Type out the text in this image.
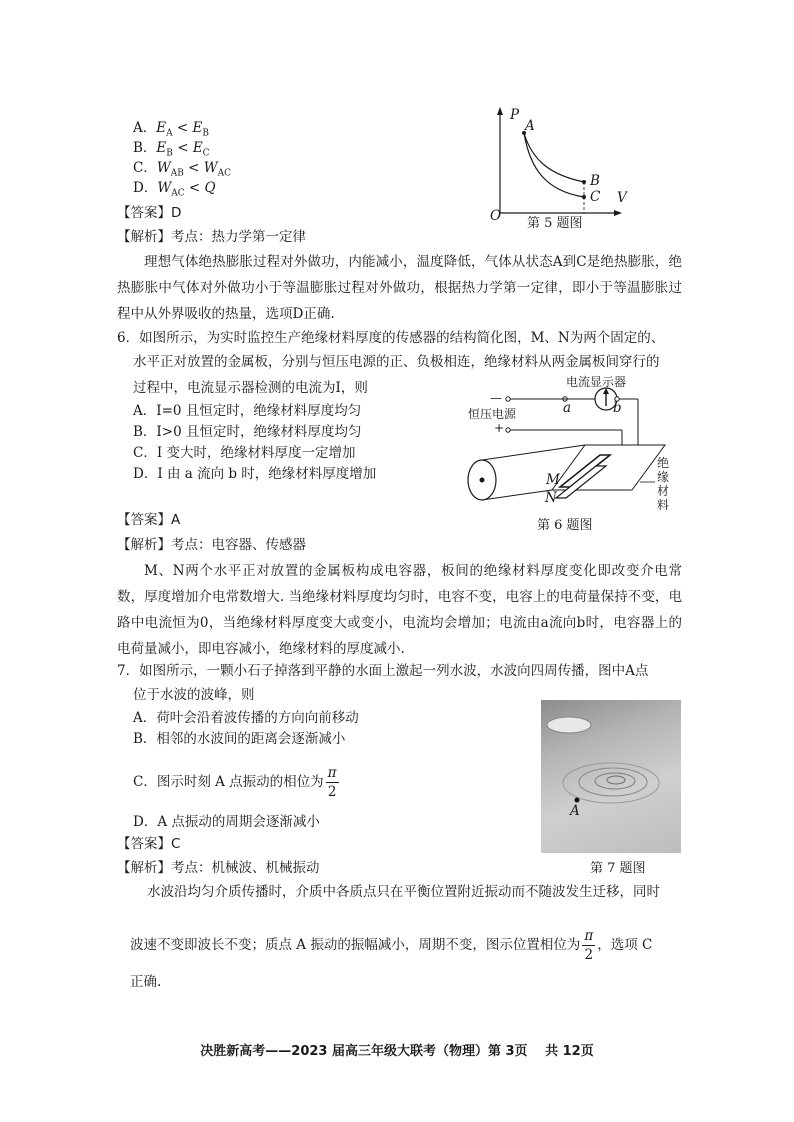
A．$E_A < E_B$
B．$E_B < E_C$
C．$W_{AB} < W_{AC}$
D．$W_{AC} < Q$
P
V
O
A
B
C
第 5 题图
【答案】D
【解析】考点：热力学第一定律
理想气体绝热膨胀过程对外做功，内能减小，温度降低，气体从状态A到C是绝热膨胀，绝热膨胀中气体对外做功小于等温膨胀过程对外做功，根据热力学第一定律，即小于等温膨胀过程中从外界吸收的热量，选项D正确.
6．如图所示，为实时监控生产绝缘材料厚度的传感器的结构简化图，M、N为两个固定的、
水平正对放置的金属板，分别与恒压电源的正、负极相连，绝缘材料从两金属板间穿行的
过程中，电流显示器检测的电流为I，则
A．I=0 且恒定时，绝缘材料厚度均匀
B．I>0 且恒定时，绝缘材料厚度均匀
C．I 变大时，绝缘材料厚度一定增加
D．I 由 a 流向 b 时，绝缘材料厚度增加
电流显示器
恒压电源
—
+
a	b
M
N
绝缘材料
第 6 题图
【答案】A
【解析】考点：电容器、传感器
M、N两个水平正对放置的金属板构成电容器，板间的绝缘材料厚度变化即改变介电常数，厚度增加介电常数增大. 当绝缘材料厚度均匀时，电容不变，电容上的电荷量保持不变，电路中电流恒为0，当绝缘材料厚度变大或变小，电流均会增加；电流由a流向b时，电容器上的电荷量减小，即电容减小，绝缘材料的厚度减小.
7．如图所示，一颗小石子掉落到平静的水面上激起一列水波，水波向四周传播，图中A点
位于水波的波峰，则
A．荷叶会沿着波传播的方向向前移动
B．相邻的水波间的距离会逐渐减小
C．图示时刻 A 点振动的相位为 $\frac{\pi}{2}$
D．A 点振动的周期会逐渐减小
【答案】C
【解析】考点：机械波、机械振动
A
第 7 题图
水波沿均匀介质传播时，介质中各质点只在平衡位置附近振动而不随波发生迁移，同时
波速不变即波长不变；质点 A 振动的振幅减小，周期不变，图示位置相位为 $\frac{\pi}{2}$ ，选项 C
正确.
决胜新高考——2023 届高三年级大联考（物理）第 3页　 共 12页
